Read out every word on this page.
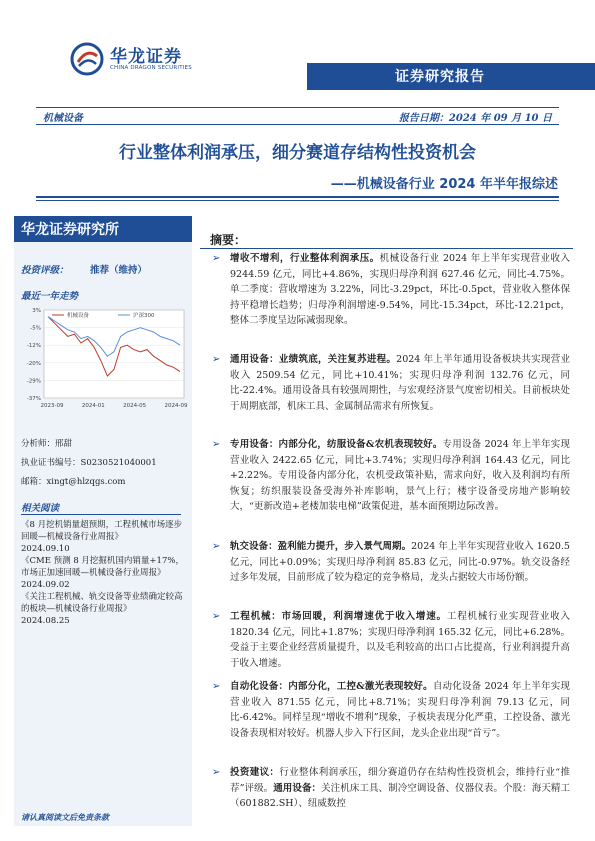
华龙证券
CHINA DRAGON SECURITIES
证券研究报告
机械设备	报告日期：2024 年 09 月 10 日
行业整体利润承压，细分赛道存结构性投资机会
——机械设备行业 2024 年半年报综述
华龙证券研究所
投资评级： 推荐（维持）
最近一年走势
3%
-5%
-12%
-20%
-29%
-37%
2023-09	2024-01	2024-05	2024-09
机械设备	沪深300
分析师：邢甜
执业证书编号：S0230521040001
邮箱：xingt@hlzqgs.com
相关阅读
《8 月挖机销量超预期，工程机械市场逐步回暖—机械设备行业周报》
2024.09.10
《CME 预测 8 月挖掘机国内销量+17%，市场正加速回暖—机械设备行业周报》
2024.09.02
《关注工程机械、轨交设备等业绩确定较高的板块—机械设备行业周报》
2024.08.25
请认真阅读文后免责条款
摘要：
➢ 增收不增利，行业整体利润承压。机械设备行业 2024 年上半年实现营业收入 9244.59 亿元，同比+4.86%，实现归母净利润 627.46 亿元，同比-4.75%。单二季度：营收增速为 3.22%，同比-3.29pct，环比-0.5pct，营业收入整体保持平稳增长趋势；归母净利润增速-9.54%，同比-15.34pct，环比-12.21pct，整体二季度呈边际减弱现象。
➢ 通用设备：业绩筑底，关注复苏进程。2024 年上半年通用设备板块共实现营业收入 2509.54 亿元，同比+10.41%；实现归母净利润 132.76 亿元，同比-22.4%。通用设备具有较强周期性，与宏观经济景气度密切相关。目前板块处于周期底部，机床工具、金属制品需求有所恢复。
➢ 专用设备：内部分化，纺服设备&农机表现较好。专用设备 2024 年上半年实现营业收入 2422.65 亿元，同比+3.74%；实现归母净利润 164.43 亿元，同比+2.22%。专用设备内部分化，农机受政策补贴，需求向好，收入及利润均有所恢复；纺织服装设备受海外补库影响，景气上行；楼宇设备受房地产影响较大，“更新改造+老楼加装电梯”政策促进，基本面预期边际改善。
➢ 轨交设备：盈利能力提升，步入景气周期。2024 年上半年实现营业收入 1620.5 亿元，同比+0.09%；实现归母净利润 85.83 亿元，同比-0.97%。轨交设备经过多年发展，目前形成了较为稳定的竞争格局，龙头占据较大市场份额。
➢ 工程机械：市场回暖，利润增速优于收入增速。工程机械行业实现营业收入 1820.34 亿元，同比+1.87%；实现归母净利润 165.32 亿元，同比+6.28%。受益于主要企业经营质量提升，以及毛利较高的出口占比提高，行业利润提升高于收入增速。
➢ 自动化设备：内部分化，工控&激光表现较好。自动化设备 2024 年上半年实现营业收入 871.55 亿元，同比+8.71%；实现归母净利润 79.13 亿元，同比-6.42%。同样呈现“增收不增利”现象，子板块表现分化严重，工控设备、激光设备表现相对较好。机器人步入下行区间，龙头企业出现“首亏”。
➢ 投资建议：行业整体利润承压，细分赛道仍存在结构性投资机会，维持行业“推荐”评级。通用设备：关注机床工具、制冷空调设备、仪器仪表。个股：海天精工（601882.SH）、纽威数控
